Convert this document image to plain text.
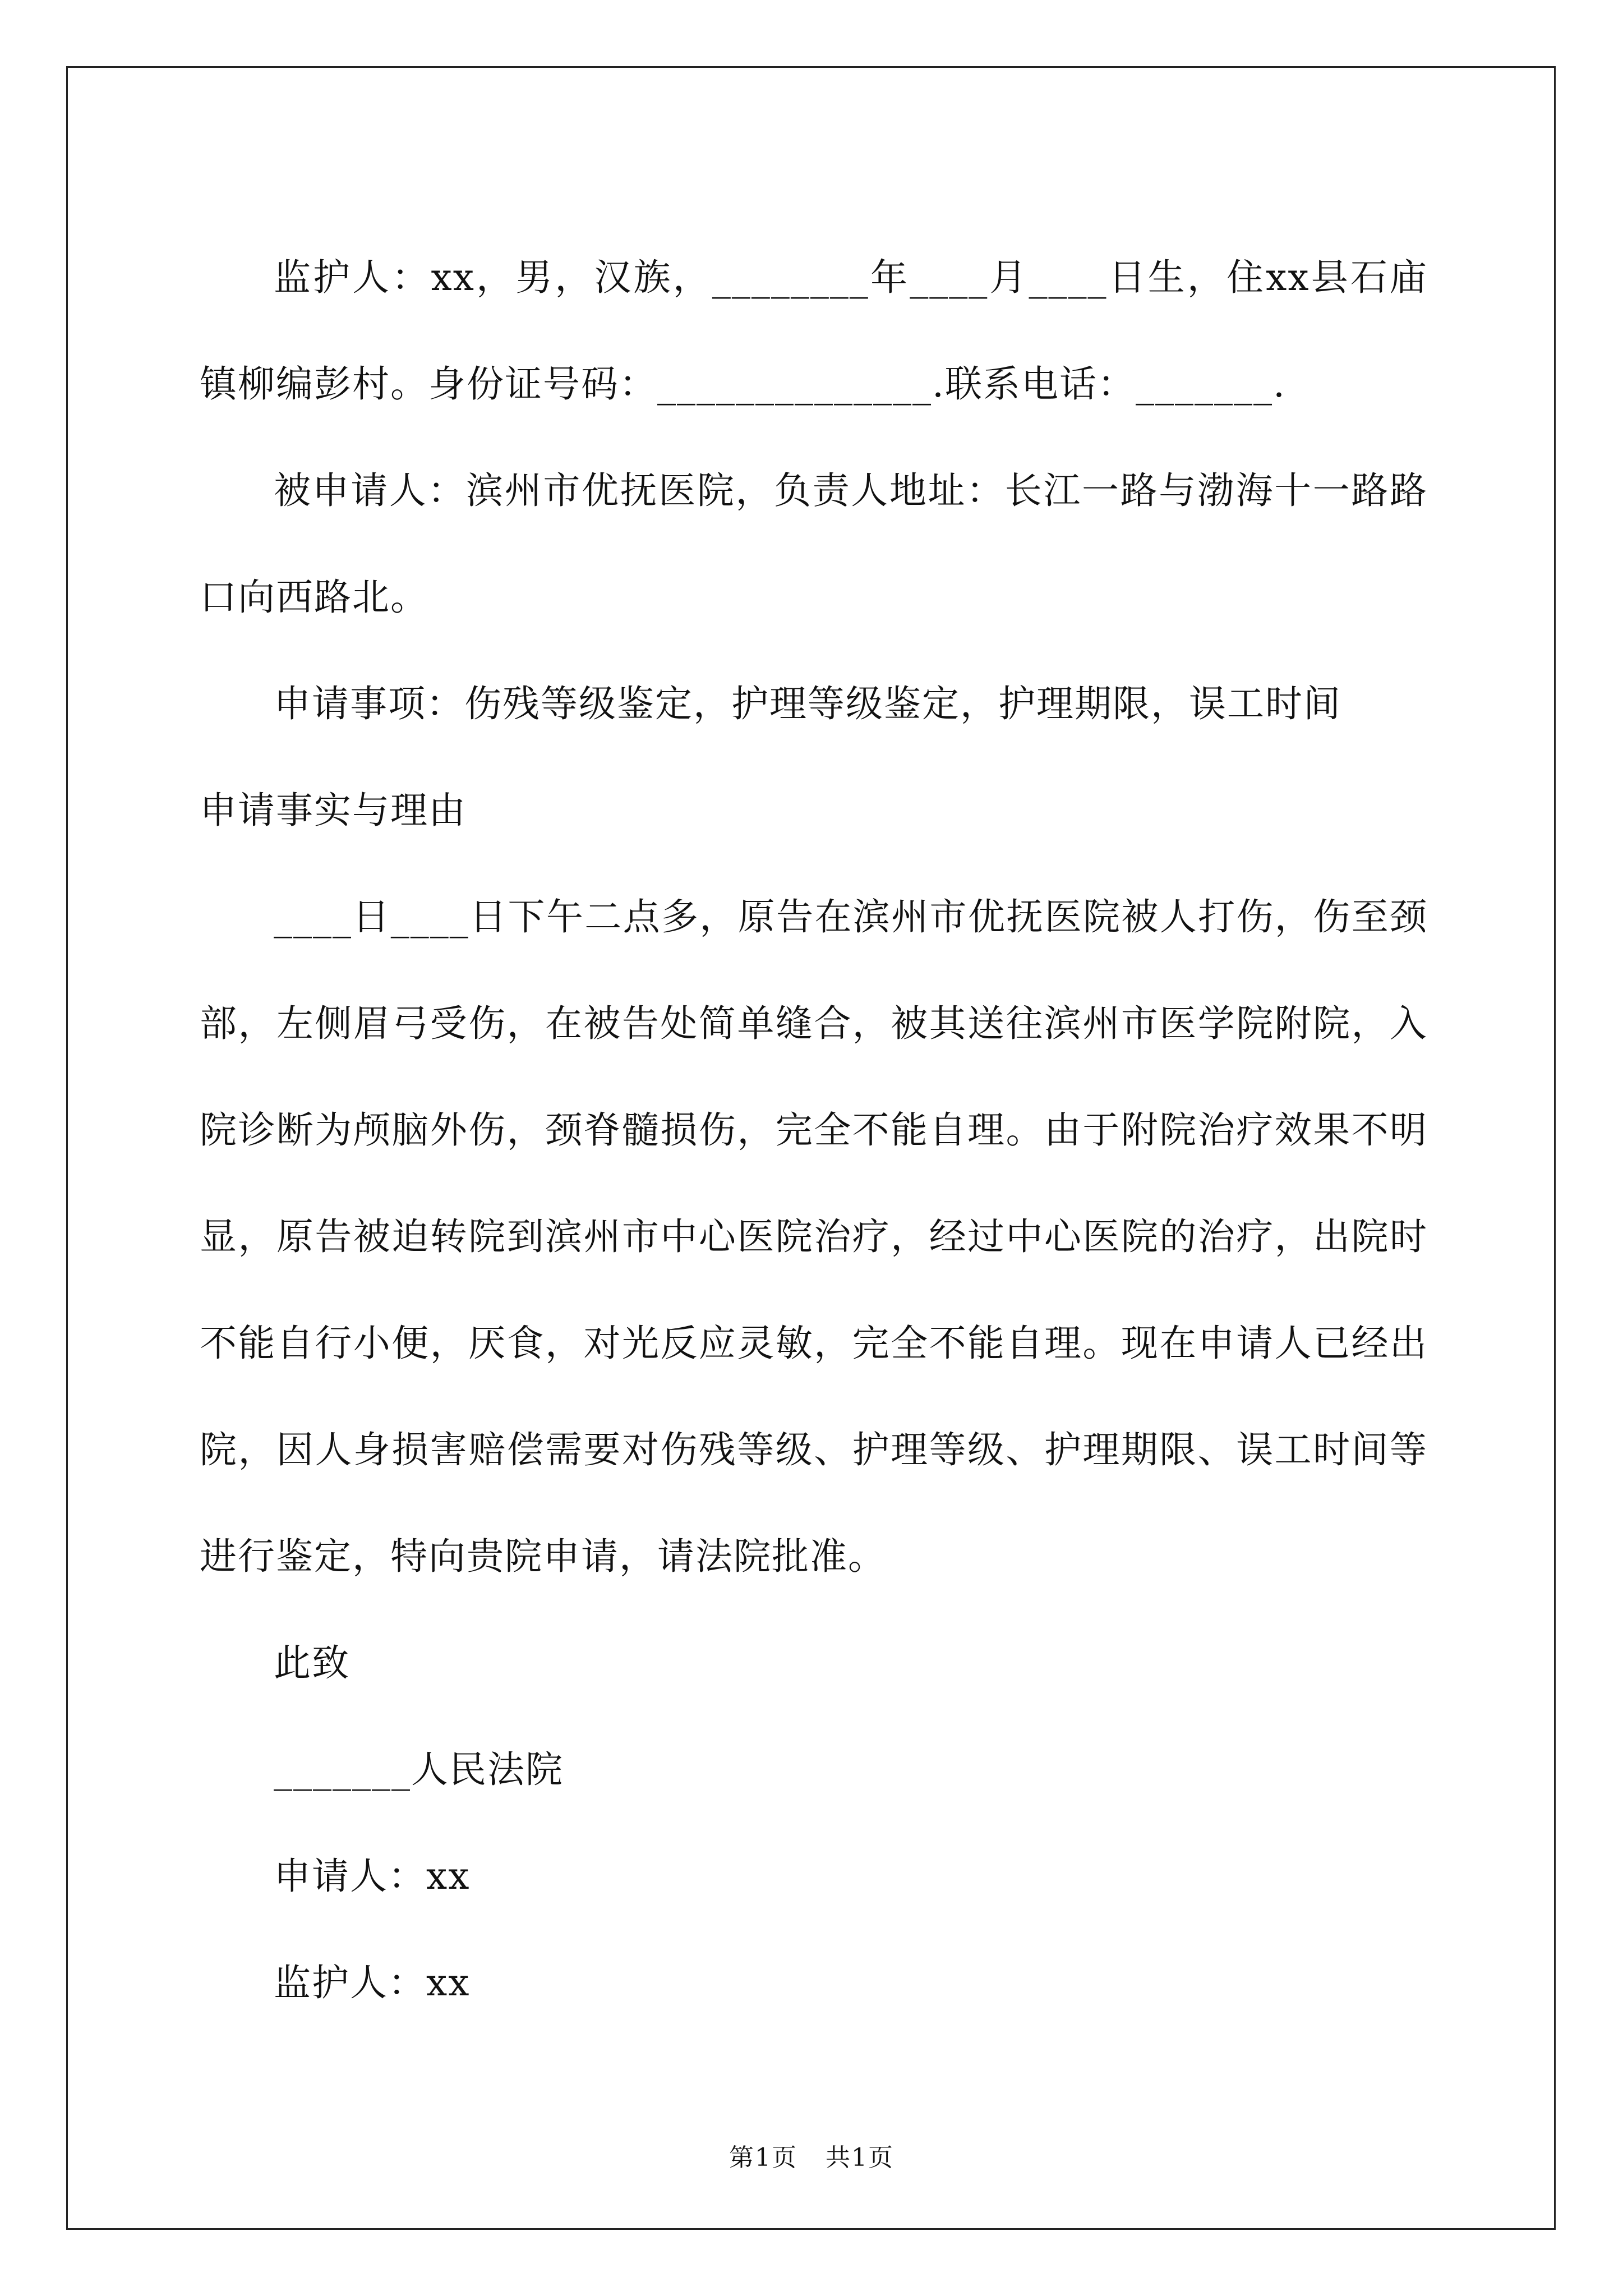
监护人：xx，男，汉族，________年____月____日生，住xx县石庙镇柳编彭村。身份证号码：______________.联系电话：_______.

被申请人：滨州市优抚医院，负责人地址：长江一路与渤海十一路路口向西路北。

申请事项：伤残等级鉴定，护理等级鉴定，护理期限，误工时间

申请事实与理由

____日____日下午二点多，原告在滨州市优抚医院被人打伤，伤至颈部，左侧眉弓受伤，在被告处简单缝合，被其送往滨州市医学院附院，入院诊断为颅脑外伤，颈脊髓损伤，完全不能自理。由于附院治疗效果不明显，原告被迫转院到滨州市中心医院治疗，经过中心医院的治疗，出院时不能自行小便，厌食，对光反应灵敏，完全不能自理。现在申请人已经出院，因人身损害赔偿需要对伤残等级、护理等级、护理期限、误工时间等进行鉴定，特向贵院申请，请法院批准。

此致

_______人民法院

申请人：xx

监护人：xx

第1页 共1页
